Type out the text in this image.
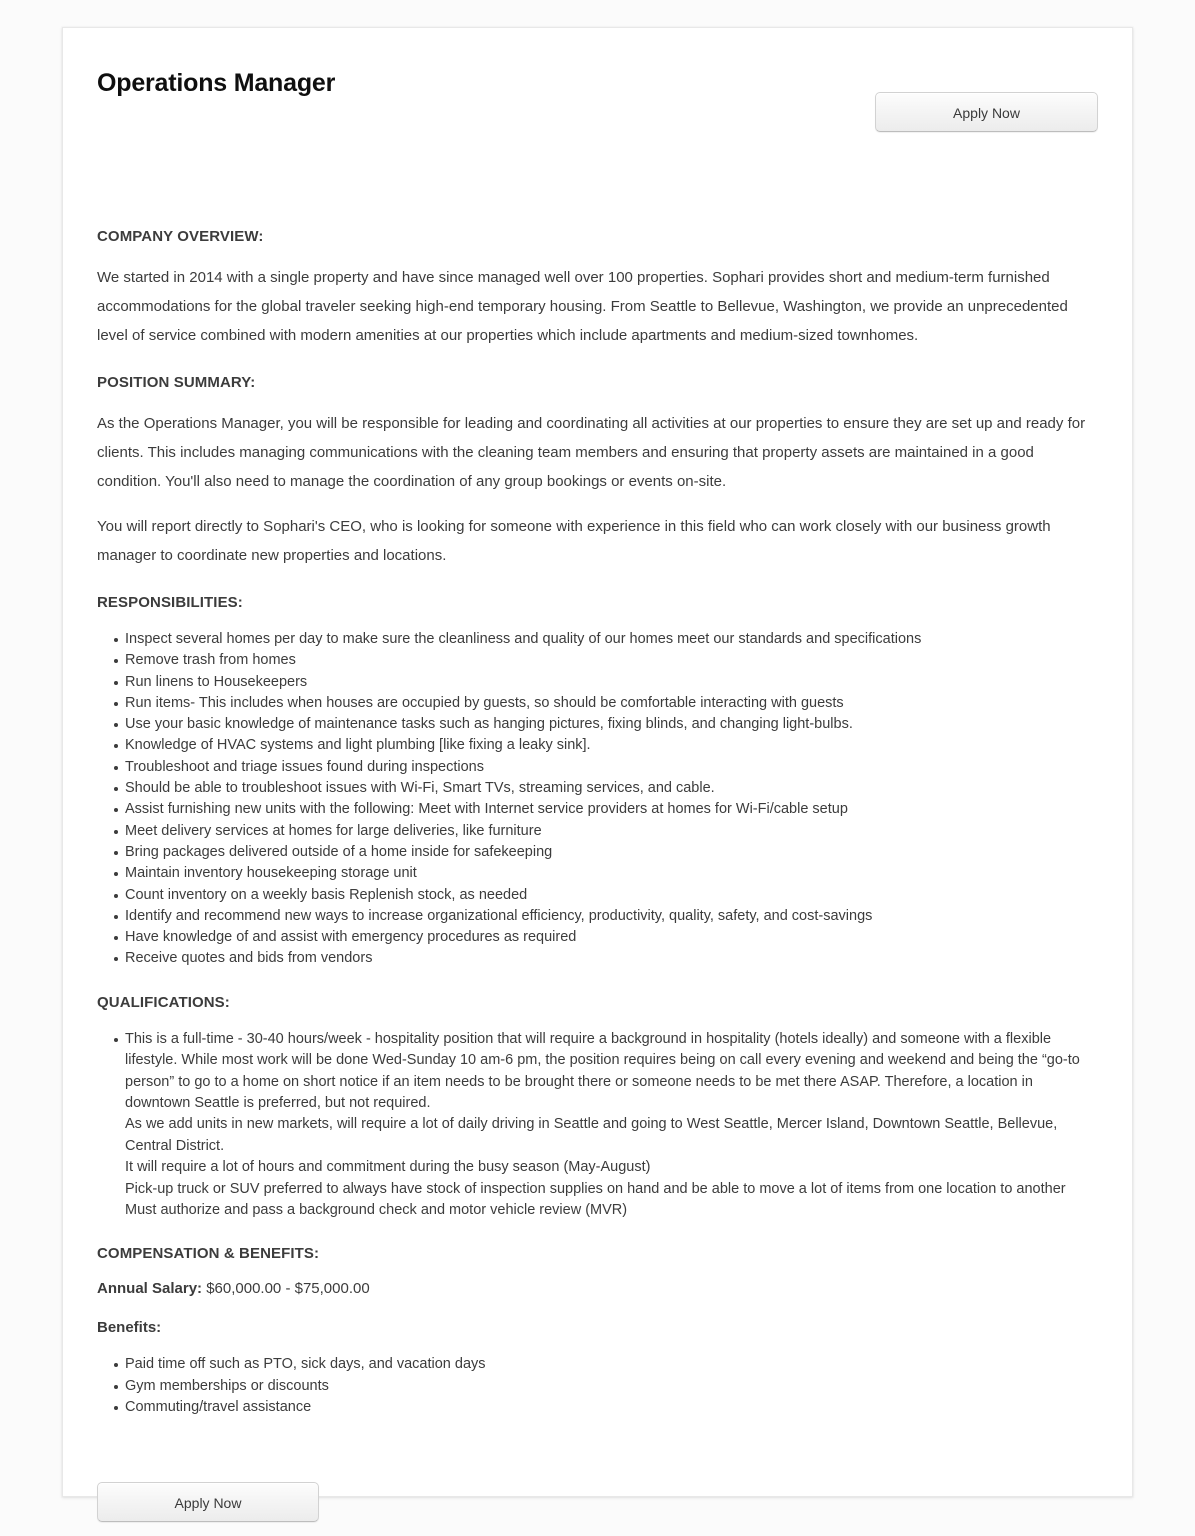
Operations Manager
Apply Now
COMPANY OVERVIEW:

We started in 2014 with a single property and have since managed well over 100 properties. Sophari provides short and medium-term furnished accommodations for the global traveler seeking high-end temporary housing. From Seattle to Bellevue, Washington, we provide an unprecedented level of service combined with modern amenities at our properties which include apartments and medium-sized townhomes.

POSITION SUMMARY:

As the Operations Manager, you will be responsible for leading and coordinating all activities at our properties to ensure they are set up and ready for clients. This includes managing communications with the cleaning team members and ensuring that property assets are maintained in a good condition. You'll also need to manage the coordination of any group bookings or events on-site.

You will report directly to Sophari's CEO, who is looking for someone with experience in this field who can work closely with our business growth manager to coordinate new properties and locations.

RESPONSIBILITIES:
Inspect several homes per day to make sure the cleanliness and quality of our homes meet our standards and specifications
Remove trash from homes
Run linens to Housekeepers
Run items- This includes when houses are occupied by guests, so should be comfortable interacting with guests
Use your basic knowledge of maintenance tasks such as hanging pictures, fixing blinds, and changing light-bulbs.
Knowledge of HVAC systems and light plumbing [like fixing a leaky sink].
Troubleshoot and triage issues found during inspections
Should be able to troubleshoot issues with Wi-Fi, Smart TVs, streaming services, and cable.
Assist furnishing new units with the following: Meet with Internet service providers at homes for Wi-Fi/cable setup
Meet delivery services at homes for large deliveries, like furniture
Bring packages delivered outside of a home inside for safekeeping
Maintain inventory housekeeping storage unit
Count inventory on a weekly basis Replenish stock, as needed
Identify and recommend new ways to increase organizational efficiency, productivity, quality, safety, and cost-savings
Have knowledge of and assist with emergency procedures as required
Receive quotes and bids from vendors
QUALIFICATIONS:
This is a full-time - 30-40 hours/week - hospitality position that will require a background in hospitality (hotels ideally) and someone with a flexible lifestyle. While most work will be done Wed-Sunday 10 am-6 pm, the position requires being on call every evening and weekend and being the “go-to person” to go to a home on short notice if an item needs to be brought there or someone needs to be met there ASAP. Therefore, a location in downtown Seattle is preferred, but not required.
As we add units in new markets, will require a lot of daily driving in Seattle and going to West Seattle, Mercer Island, Downtown Seattle, Bellevue, Central District.
It will require a lot of hours and commitment during the busy season (May-August)
Pick-up truck or SUV preferred to always have stock of inspection supplies on hand and be able to move a lot of items from one location to another
Must authorize and pass a background check and motor vehicle review (MVR)
COMPENSATION & BENEFITS:

Annual Salary: $60,000.00 - $75,000.00

Benefits:

Paid time off such as PTO, sick days, and vacation days
Gym memberships or discounts
Commuting/travel assistance
Apply Now
